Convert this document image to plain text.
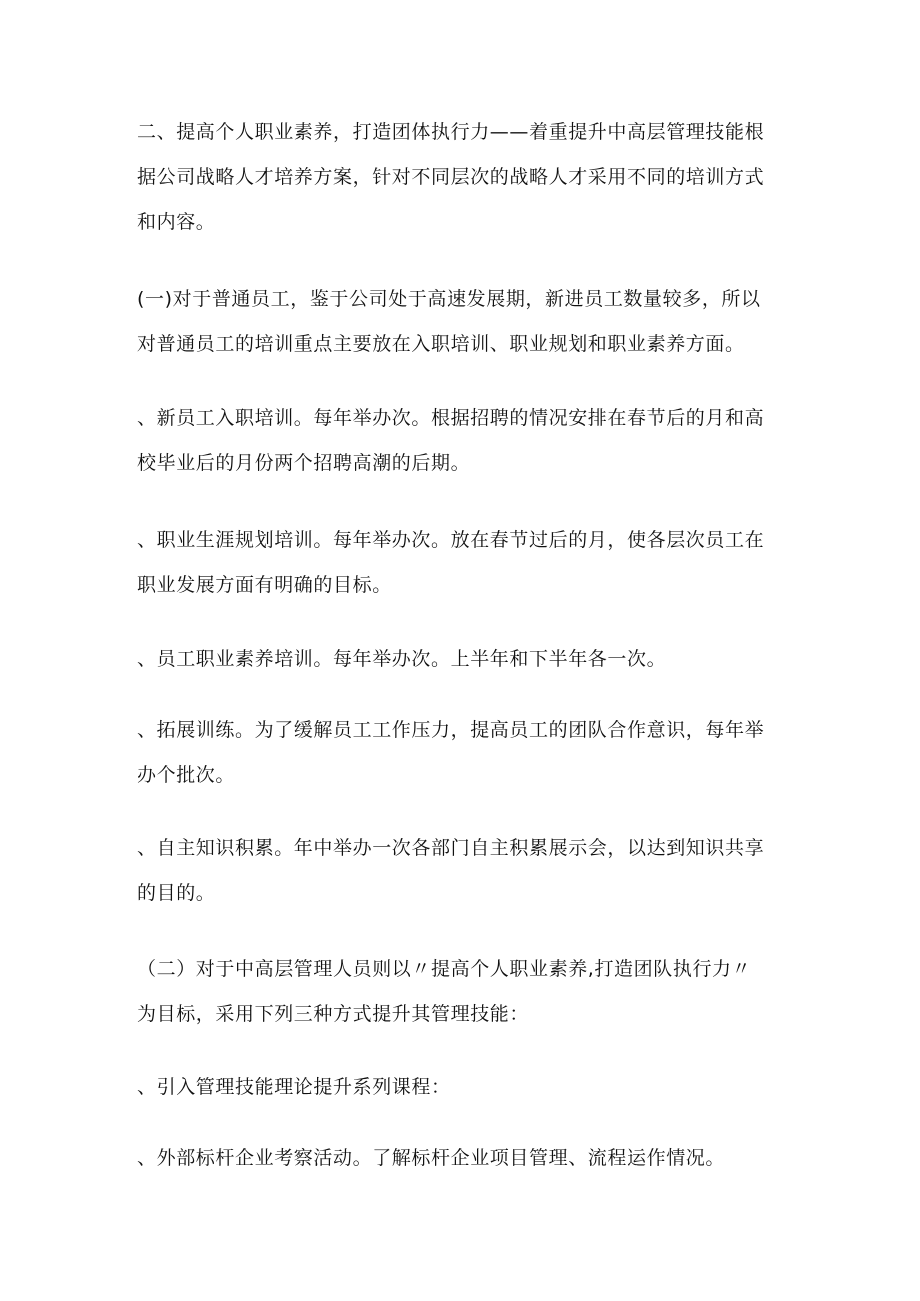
二、提高个人职业素养，打造团体执行力——着重提升中高层管理技能根
据公司战略人才培养方案，针对不同层次的战略人才采用不同的培训方式
和内容。

(一)对于普通员工，鉴于公司处于高速发展期，新进员工数量较多，所以
对普通员工的培训重点主要放在入职培训、职业规划和职业素养方面。

、新员工入职培训。每年举办次。根据招聘的情况安排在春节后的月和高
校毕业后的月份两个招聘高潮的后期。

、职业生涯规划培训。每年举办次。放在春节过后的月，使各层次员工在
职业发展方面有明确的目标。

、员工职业素养培训。每年举办次。上半年和下半年各一次。

、拓展训练。为了缓解员工工作压力，提高员工的团队合作意识，每年举
办个批次。

、自主知识积累。年中举办一次各部门自主积累展示会，以达到知识共享
的目的。

（二）对于中高层管理人员则以〃提高个人职业素养,打造团队执行力〃
为目标，采用下列三种方式提升其管理技能：

、引入管理技能理论提升系列课程：

、外部标杆企业考察活动。了解标杆企业项目管理、流程运作情况。
